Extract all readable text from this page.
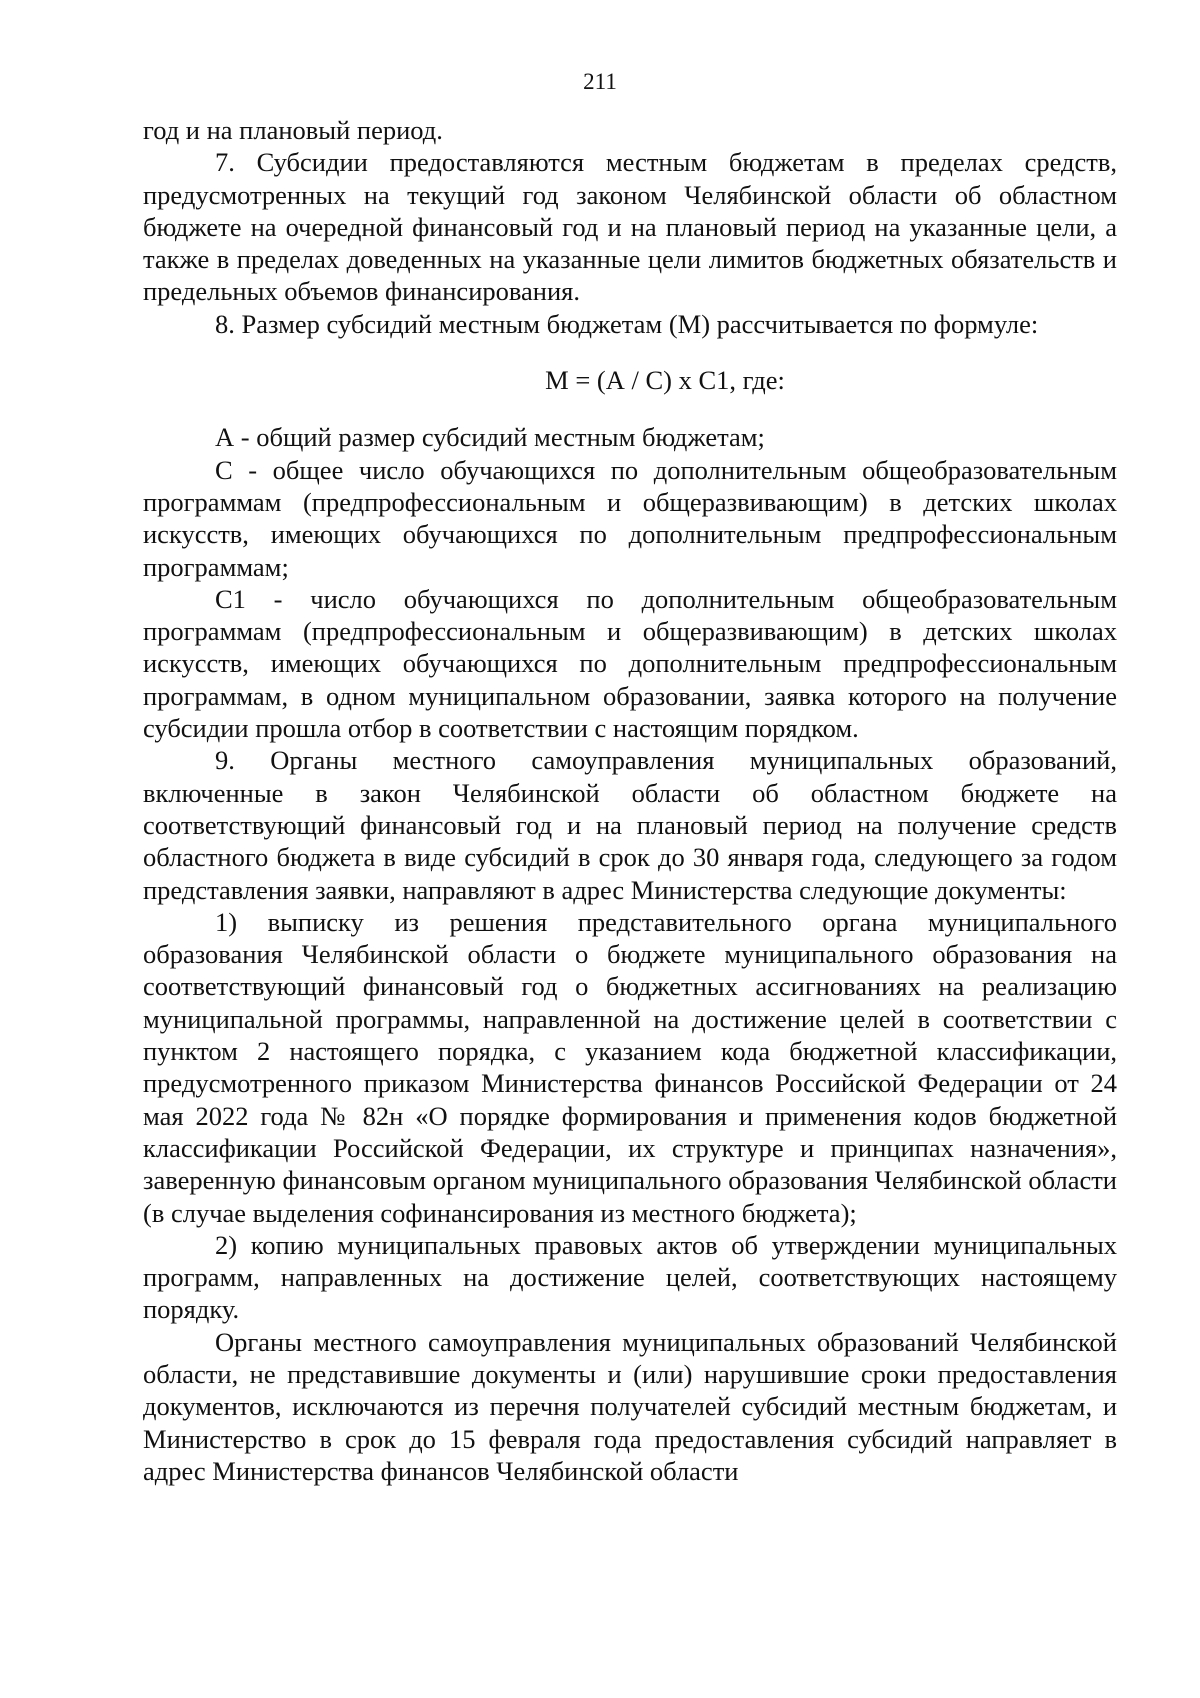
211

год и на плановый период.

7. Субсидии предоставляются местным бюджетам в пределах средств, предусмотренных на текущий год законом Челябинской области об областном бюджете на очередной финансовый год и на плановый период на указанные цели, а также в пределах доведенных на указанные цели лимитов бюджетных обязательств и предельных объемов финансирования.

8. Размер субсидий местным бюджетам (М) рассчитывается по формуле:

М = (А / С) х С1, где:

А - общий размер субсидий местным бюджетам;

С - общее число обучающихся по дополнительным общеобразовательным программам (предпрофессиональным и общеразвивающим) в детских школах искусств, имеющих обучающихся по дополнительным предпрофессиональным программам;

С1 - число обучающихся по дополнительным общеобразовательным программам (предпрофессиональным и общеразвивающим) в детских школах искусств, имеющих обучающихся по дополнительным предпрофессиональным программам, в одном муниципальном образовании, заявка которого на получение субсидии прошла отбор в соответствии с настоящим порядком.

9. Органы местного самоуправления муниципальных образований, включенные в закон Челябинской области об областном бюджете на соответствующий финансовый год и на плановый период на получение средств областного бюджета в виде субсидий в срок до 30 января года, следующего за годом представления заявки, направляют в адрес Министерства следующие документы:

1) выписку из решения представительного органа муниципального образования Челябинской области о бюджете муниципального образования на соответствующий финансовый год о бюджетных ассигнованиях на реализацию муниципальной программы, направленной на достижение целей в соответствии с пунктом 2 настоящего порядка, с указанием кода бюджетной классификации, предусмотренного приказом Министерства финансов Российской Федерации от 24 мая 2022 года № 82н «О порядке формирования и применения кодов бюджетной классификации Российской Федерации, их структуре и принципах назначения», заверенную финансовым органом муниципального образования Челябинской области (в случае выделения софинансирования из местного бюджета);

2) копию муниципальных правовых актов об утверждении муниципальных программ, направленных на достижение целей, соответствующих настоящему порядку.

Органы местного самоуправления муниципальных образований Челябинской области, не представившие документы и (или) нарушившие сроки предоставления документов, исключаются из перечня получателей субсидий местным бюджетам, и Министерство в срок до 15 февраля года предоставления субсидий направляет в адрес Министерства финансов Челябинской области
